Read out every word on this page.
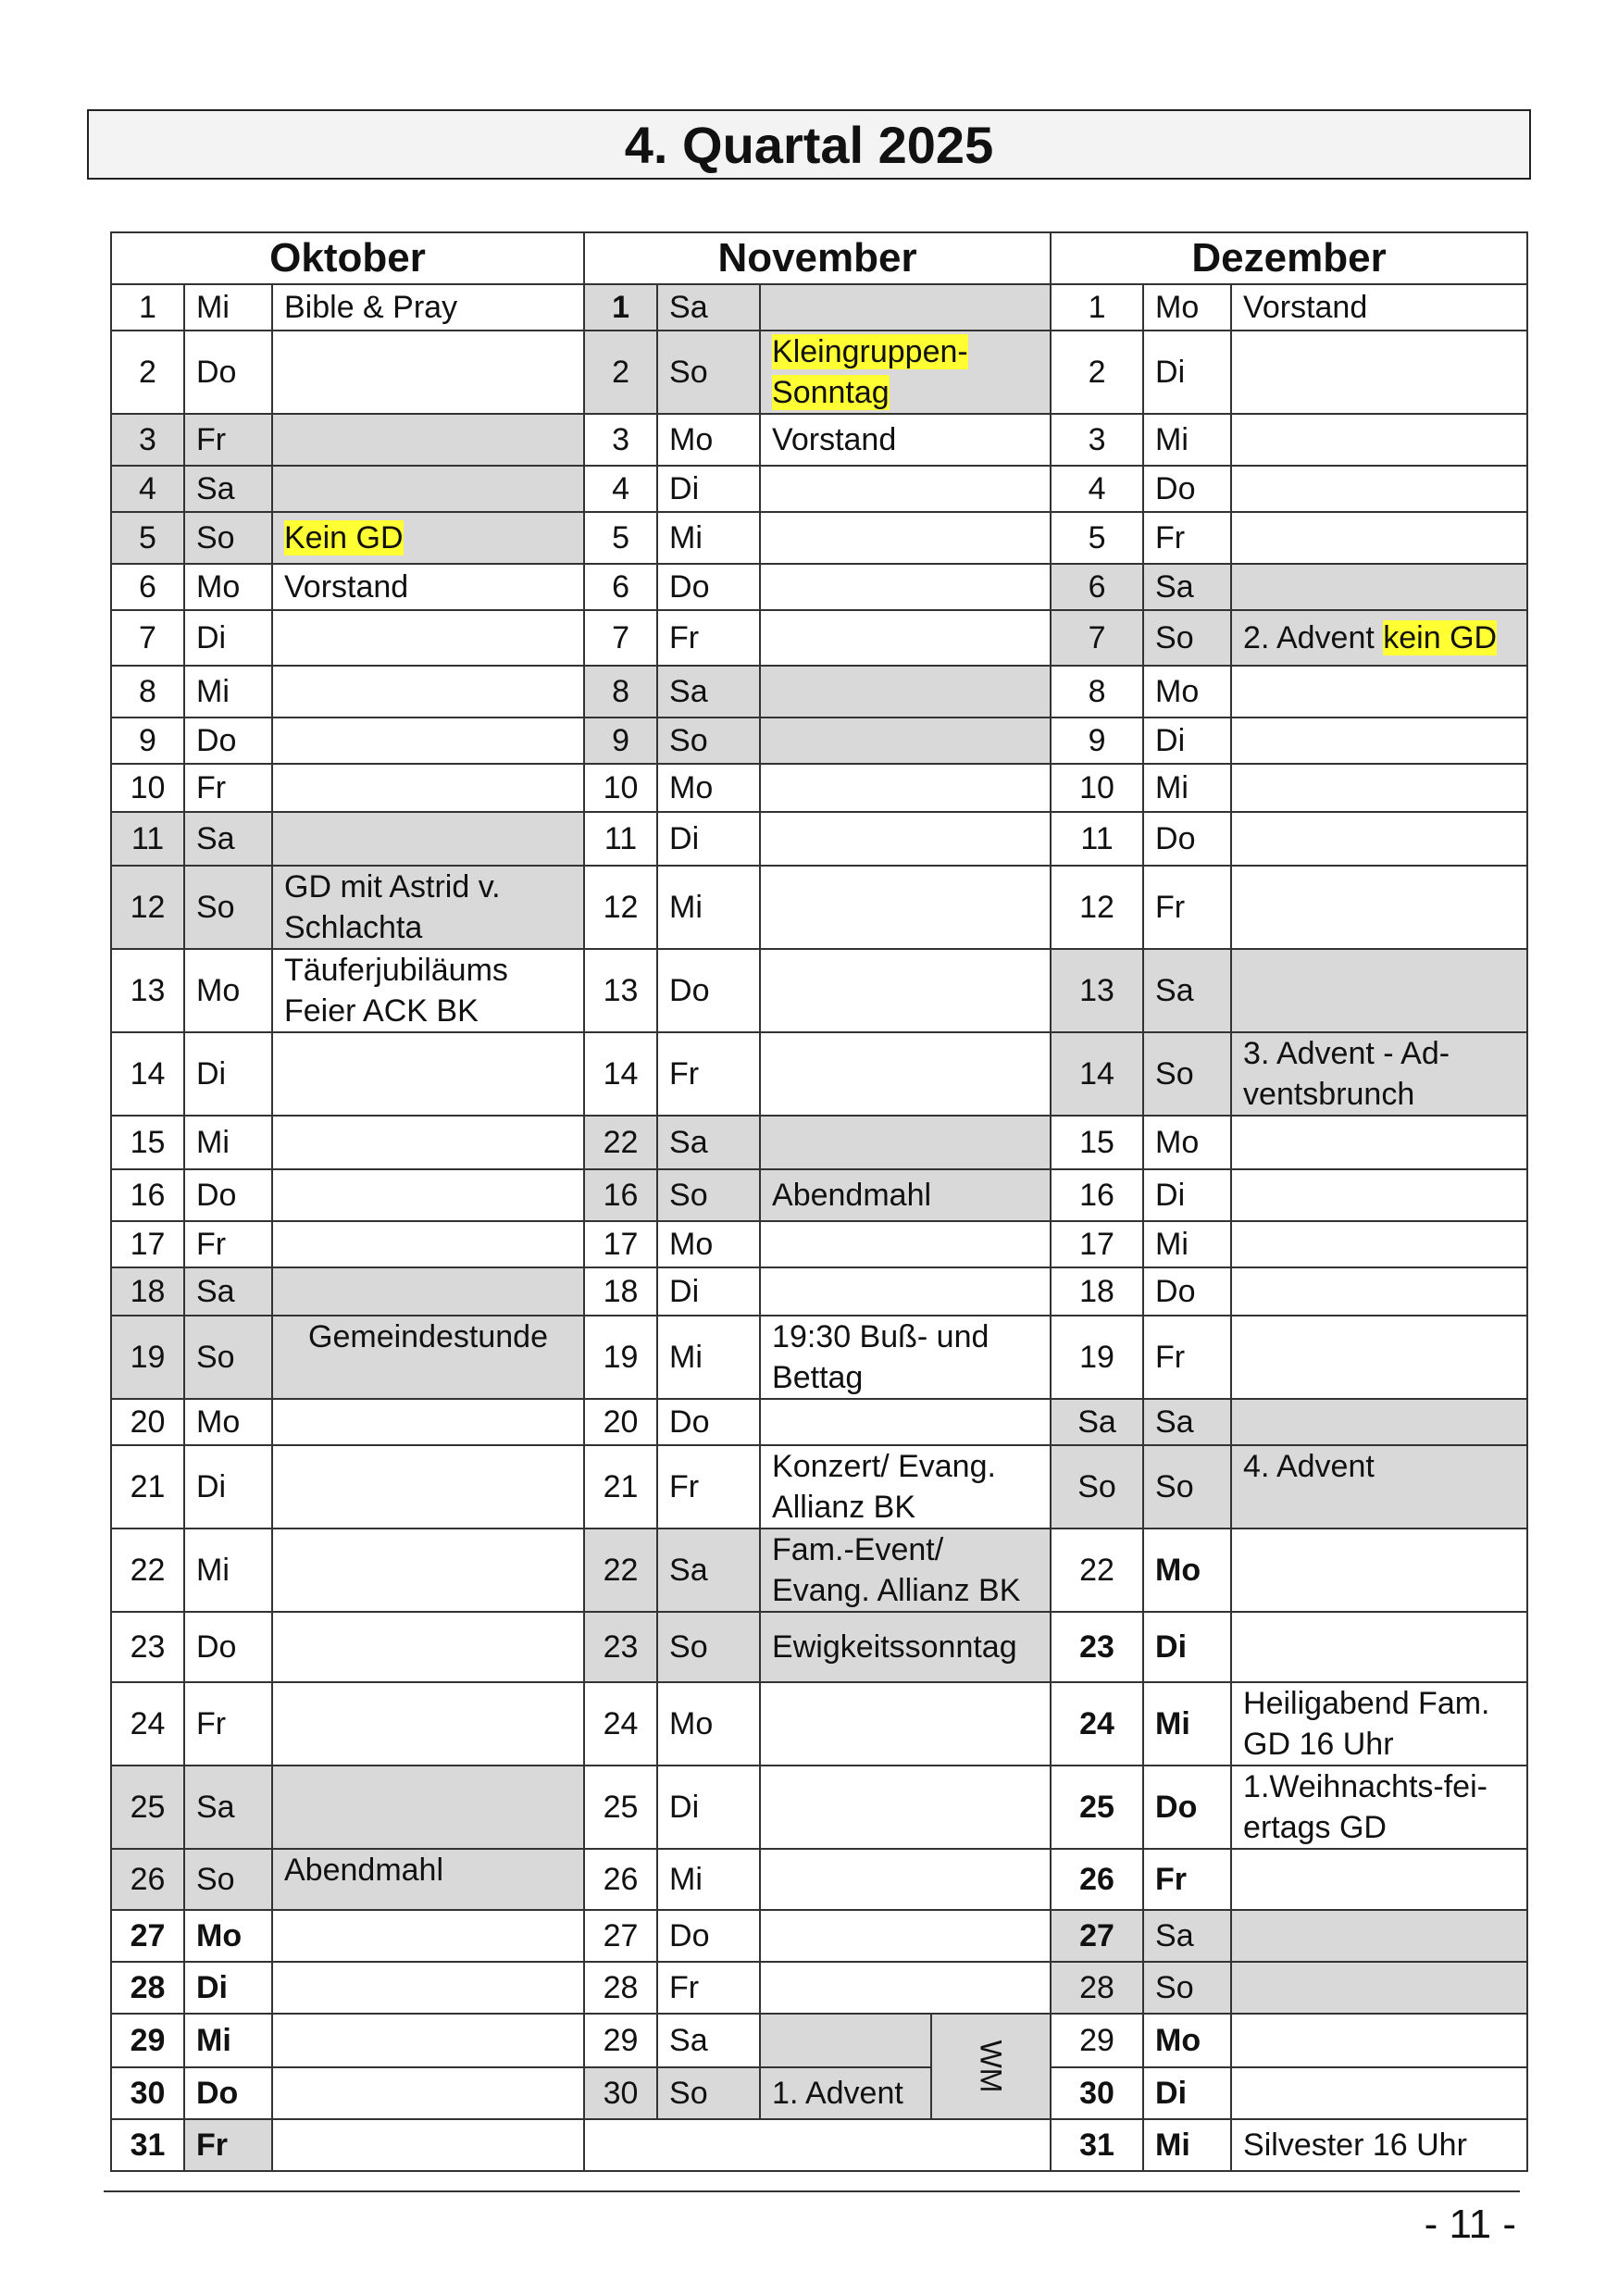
4. Quartal 2025
Oktober			November				Dezember		
1	Mi	Bible & Pray	1	Sa			1	Mo	Vorstand
2	Do		2	So	Kleingruppen-Sonntag		2	Di	
3	Fr		3	Mo	Vorstand		3	Mi	
4	Sa		4	Di			4	Do	
5	So	Kein GD	5	Mi			5	Fr	
6	Mo	Vorstand	6	Do			6	Sa	
7	Di		7	Fr			7	So	2. Advent kein GD
8	Mi		8	Sa			8	Mo	
9	Do		9	So			9	Di	
10	Fr		10	Mo			10	Mi	
11	Sa		11	Di			11	Do	
12	So	GD mit Astrid v. Schlachta	12	Mi			12	Fr	
13	Mo	Täuferjubiläums Feier ACK BK	13	Do			13	Sa	
14	Di		14	Fr			14	So	3. Advent - Ad-ventsbrunch
15	Mi		22	Sa			15	Mo	
16	Do		16	So	Abendmahl		16	Di	
17	Fr		17	Mo			17	Mi	
18	Sa		18	Di			18	Do	
19	So	Gemeindestunde	19	Mi	19:30 Buß- und Bettag		19	Fr	
20	Mo		20	Do			Sa	Sa	
21	Di		21	Fr	Konzert/ Evang. Allianz BK		So	So	4. Advent
22	Mi		22	Sa	Fam.-Event/ Evang. Allianz BK		22	Mo	
23	Do		23	So	Ewigkeitssonntag		23	Di	
24	Fr		24	Mo			24	Mi	Heiligabend Fam. GD 16 Uhr
25	Sa		25	Di			25	Do	1.Weihnachts-fei-ertags GD
26	So	Abendmahl	26	Mi			26	Fr	
27	Mo		27	Do			27	Sa	
28	Di		28	Fr			28	So	
29	Mi		29	Sa		WM	29	Mo	
30	Do		30	So	1. Advent		30	Di	
31	Fr						31	Mi	Silvester 16 Uhr
- 11 -
